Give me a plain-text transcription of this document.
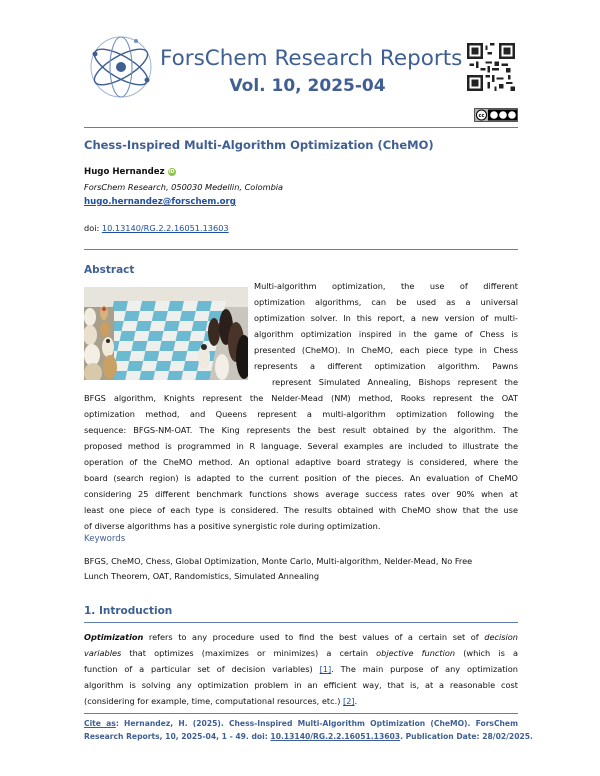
ForsChem Research Reports
Vol. 10, 2025-04
cc
Chess-Inspired Multi-Algorithm Optimization (CheMO)
Hugo Hernandez iD
ForsChem Research, 050030 Medellin, Colombia
hugo.hernandez@forschem.org
doi: 10.13140/RG.2.2.16051.13603
Abstract
Multi-algorithm optimization, the use of different
optimization algorithms, can be used as a universal
optimization solver. In this report, a new version of multi-
algorithm optimization inspired in the game of Chess is
presented (CheMO). In CheMO, each piece type in Chess
represents a different optimization algorithm. Pawns
represent Simulated Annealing, Bishops represent the
BFGS algorithm, Knights represent the Nelder-Mead (NM) method, Rooks represent the OAT
optimization method, and Queens represent a multi-algorithm optimization following the
sequence: BFGS-NM-OAT. The King represents the best result obtained by the algorithm. The
proposed method is programmed in R language. Several examples are included to illustrate the
operation of the CheMO method. An optional adaptive board strategy is considered, where the
board (search region) is adapted to the current position of the pieces. An evaluation of CheMO
considering 25 different benchmark functions shows average success rates over 90% when at
least one piece of each type is considered. The results obtained with CheMO show that the use
of diverse algorithms has a positive synergistic role during optimization.
Keywords
BFGS, CheMO, Chess, Global Optimization, Monte Carlo, Multi-algorithm, Nelder-Mead, No Free
Lunch Theorem, OAT, Randomistics, Simulated Annealing
1. Introduction
Optimization refers to any procedure used to find the best values of a certain set of decision
variables that optimizes (maximizes or minimizes) a certain objective function (which is a
function of a particular set of decision variables) [1]. The main purpose of any optimization
algorithm is solving any optimization problem in an efficient way, that is, at a reasonable cost
(considering for example, time, computational resources, etc.) [2].
Cite as: Hernandez, H. (2025). Chess-Inspired Multi-Algorithm Optimization (CheMO). ForsChem
Research Reports, 10, 2025-04, 1 - 49. doi: 10.13140/RG.2.2.16051.13603. Publication Date: 28/02/2025.
